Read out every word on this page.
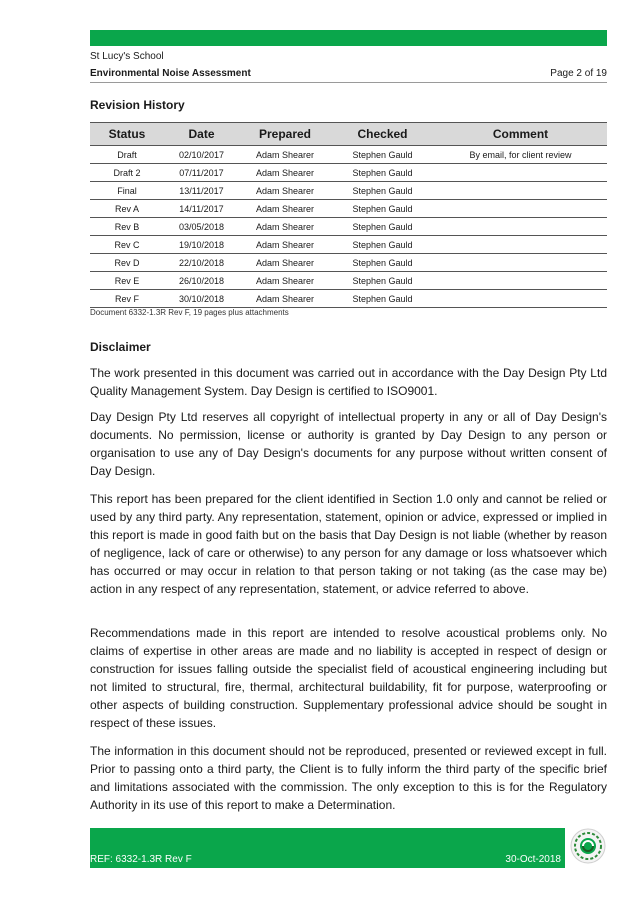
St Lucy's School
Environmental Noise Assessment	Page 2 of 19
Revision History
Status	Date	Prepared	Checked	Comment
Draft	02/10/2017	Adam Shearer	Stephen Gauld	By email, for client review
Draft 2	07/11/2017	Adam Shearer	Stephen Gauld	
Final	13/11/2017	Adam Shearer	Stephen Gauld	
Rev A	14/11/2017	Adam Shearer	Stephen Gauld	
Rev B	03/05/2018	Adam Shearer	Stephen Gauld	
Rev C	19/10/2018	Adam Shearer	Stephen Gauld	
Rev D	22/10/2018	Adam Shearer	Stephen Gauld	
Rev E	26/10/2018	Adam Shearer	Stephen Gauld	
Rev F	30/10/2018	Adam Shearer	Stephen Gauld	
Document 6332-1.3R Rev F, 19 pages plus attachments
Disclaimer

The work presented in this document was carried out in accordance with the Day Design Pty Ltd Quality Management System. Day Design is certified to ISO9001.

Day Design Pty Ltd reserves all copyright of intellectual property in any or all of Day Design's documents. No permission, license or authority is granted by Day Design to any person or organisation to use any of Day Design's documents for any purpose without written consent of Day Design.

This report has been prepared for the client identified in Section 1.0 only and cannot be relied or used by any third party. Any representation, statement, opinion or advice, expressed or implied in this report is made in good faith but on the basis that Day Design is not liable (whether by reason of negligence, lack of care or otherwise) to any person for any damage or loss whatsoever which has occurred or may occur in relation to that person taking or not taking (as the case may be) action in any respect of any representation, statement, or advice referred to above.

Recommendations made in this report are intended to resolve acoustical problems only. No claims of expertise in other areas are made and no liability is accepted in respect of design or construction for issues falling outside the specialist field of acoustical engineering including but not limited to structural, fire, thermal, architectural buildability, fit for purpose, waterproofing or other aspects of building construction. Supplementary professional advice should be sought in respect of these issues.

The information in this document should not be reproduced, presented or reviewed except in full. Prior to passing onto a third party, the Client is to fully inform the third party of the specific brief and limitations associated with the commission. The only exception to this is for the Regulatory Authority in its use of this report to make a Determination.

REF: 6332-1.3R Rev F	30-Oct-2018
